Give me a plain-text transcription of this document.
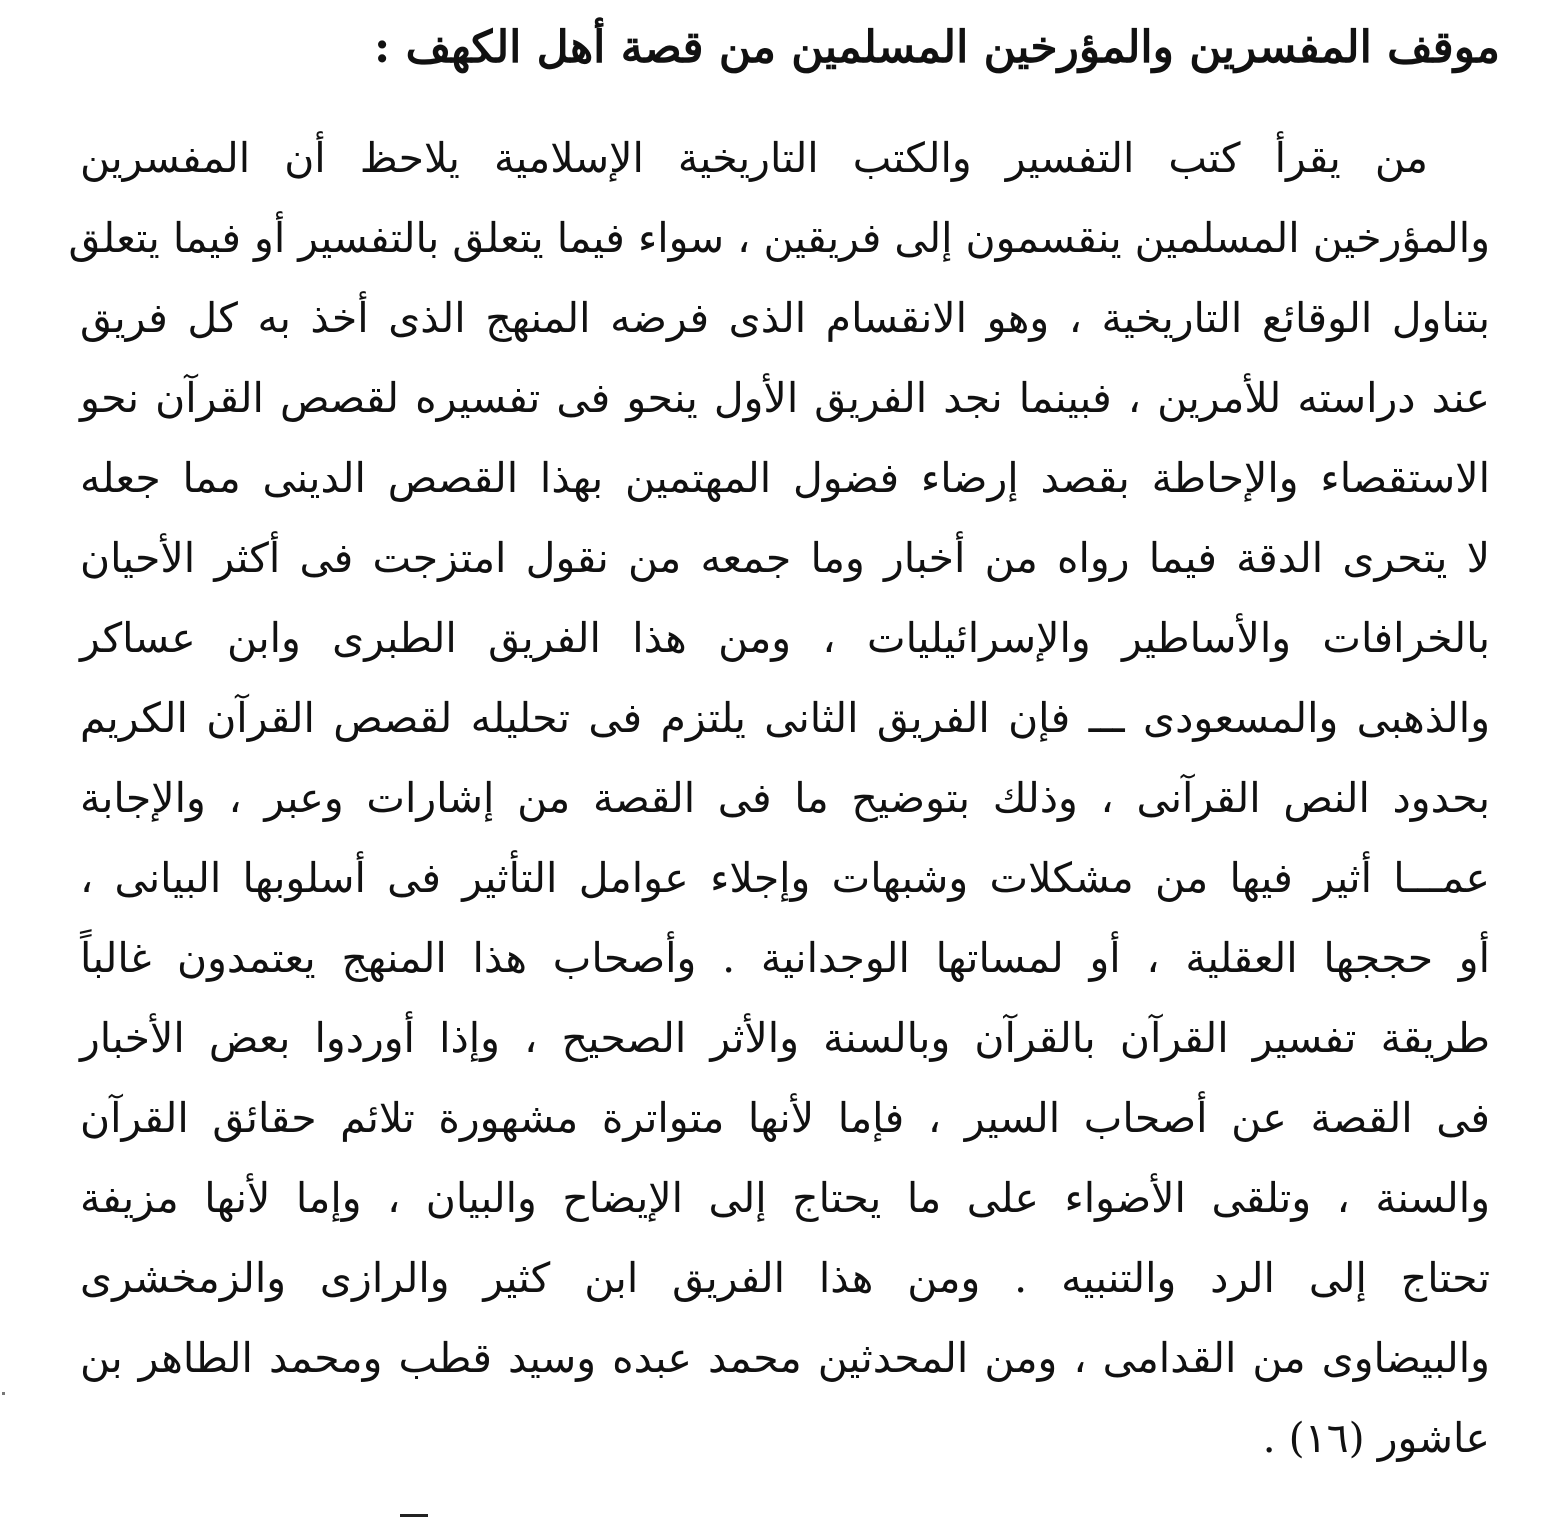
موقف المفسرين والمؤرخين المسلمين من قصة أهل الكهف :
من يقرأ كتب التفسير والكتب التاريخية الإسلامية يلاحظ أن المفسرين
والمؤرخين المسلمين ينقسمون إلى فريقين ، سواء فيما يتعلق بالتفسير أو فيما يتعلق
بتناول الوقائع التاريخية ، وهو الانقسام الذى فرضه المنهج الذى أخذ به كل فريق
عند دراسته للأمرين ، فبينما نجد الفريق الأول ينحو فى تفسيره لقصص القرآن نحو
الاستقصاء والإحاطة بقصد إرضاء فضول المهتمين بهذا القصص الدينى مما جعله
لا يتحرى الدقة فيما رواه من أخبار وما جمعه من نقول امتزجت فى أكثر الأحيان
بالخرافات والأساطير والإسرائيليات ، ومن هذا الفريق الطبرى وابن عساكر
والذهبى والمسعودى ـــ فإن الفريق الثانى يلتزم فى تحليله لقصص القرآن الكريم
بحدود النص القرآنى ، وذلك بتوضيح ما فى القصة من إشارات وعبر ، والإجابة
عمـــا أثير فيها من مشكلات وشبهات وإجلاء عوامل التأثير فى أسلوبها البيانى ،
أو حججها العقلية ، أو لمساتها الوجدانية . وأصحاب هذا المنهج يعتمدون غالباً
طريقة تفسير القرآن بالقرآن وبالسنة والأثر الصحيح ، وإذا أوردوا بعض الأخبار
فى القصة عن أصحاب السير ، فإما لأنها متواترة مشهورة تلائم حقائق القرآن
والسنة ، وتلقى الأضواء على ما يحتاج إلى الإيضاح والبيان ، وإما لأنها مزيفة
تحتاج إلى الرد والتنبيه . ومن هذا الفريق ابن كثير والرازى والزمخشرى
والبيضاوى من القدامى ، ومن المحدثين محمد عبده وسيد قطب ومحمد الطاهر بن
عاشور (١٦) .
